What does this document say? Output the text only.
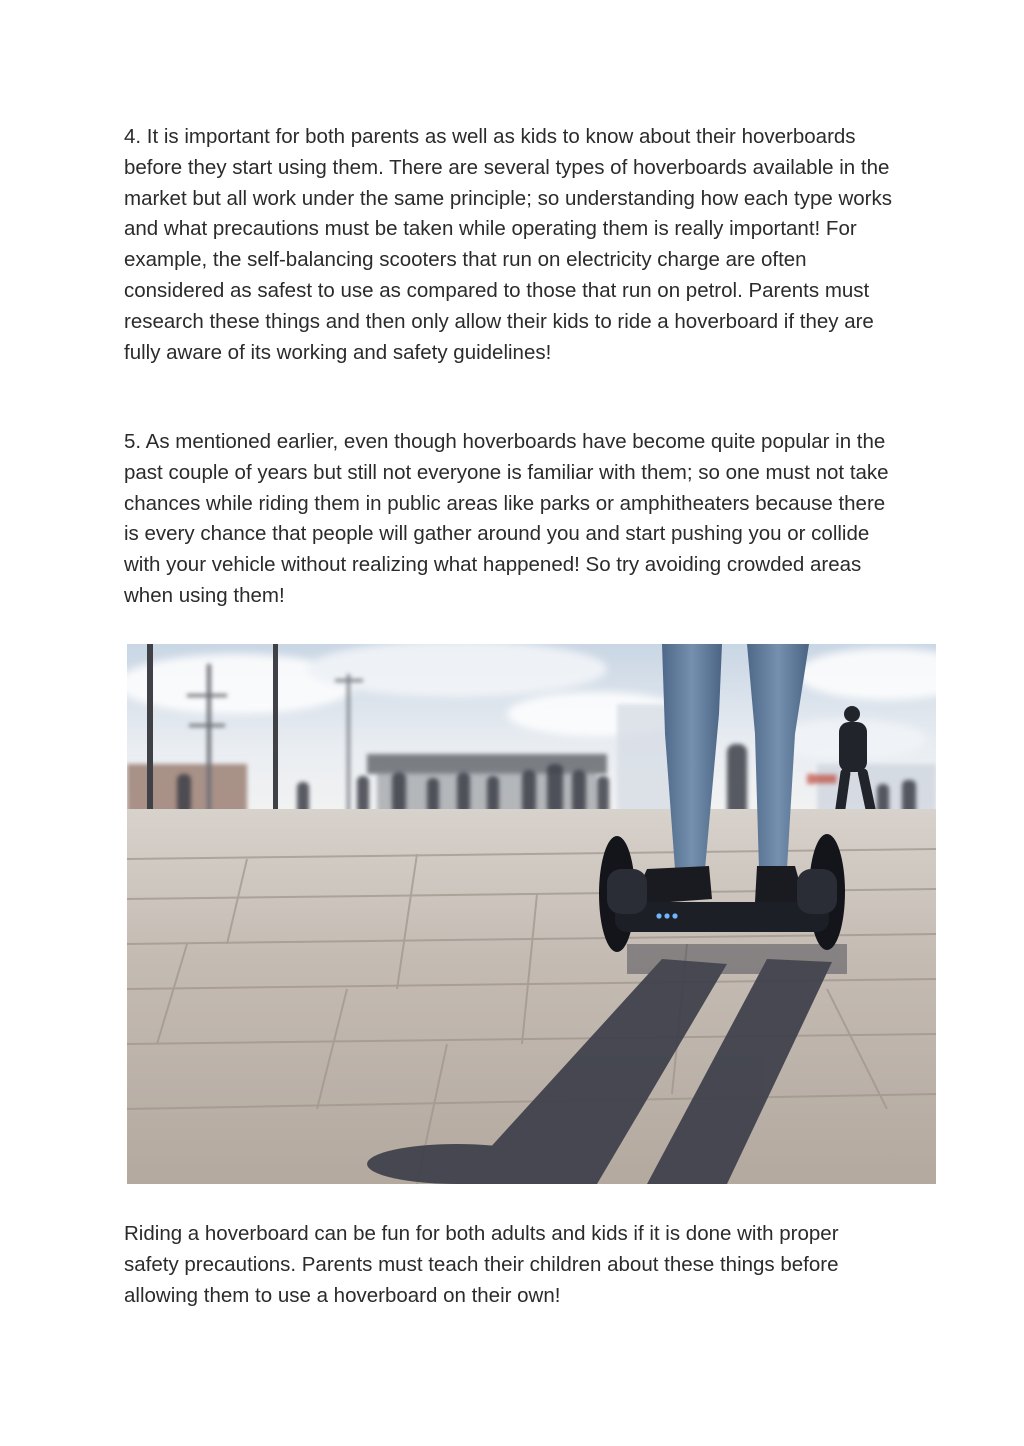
4. It is important for both parents as well as kids to know about their hoverboards before they start using them. There are several types of hoverboards available in the market but all work under the same principle; so understanding how each type works and what precautions must be taken while operating them is really important! For example, the self-balancing scooters that run on electricity charge are often considered as safest to use as compared to those that run on petrol. Parents must research these things and then only allow their kids to ride a hoverboard if they are fully aware of its working and safety guidelines!

5. As mentioned earlier, even though hoverboards have become quite popular in the past couple of years but still not everyone is familiar with them; so one must not take chances while riding them in public areas like parks or amphitheaters because there is every chance that people will gather around you and start pushing you or collide with your vehicle without realizing what happened! So try avoiding crowded areas when using them!

Riding a hoverboard can be fun for both adults and kids if it is done with proper safety precautions. Parents must teach their children about these things before allowing them to use a hoverboard on their own!
